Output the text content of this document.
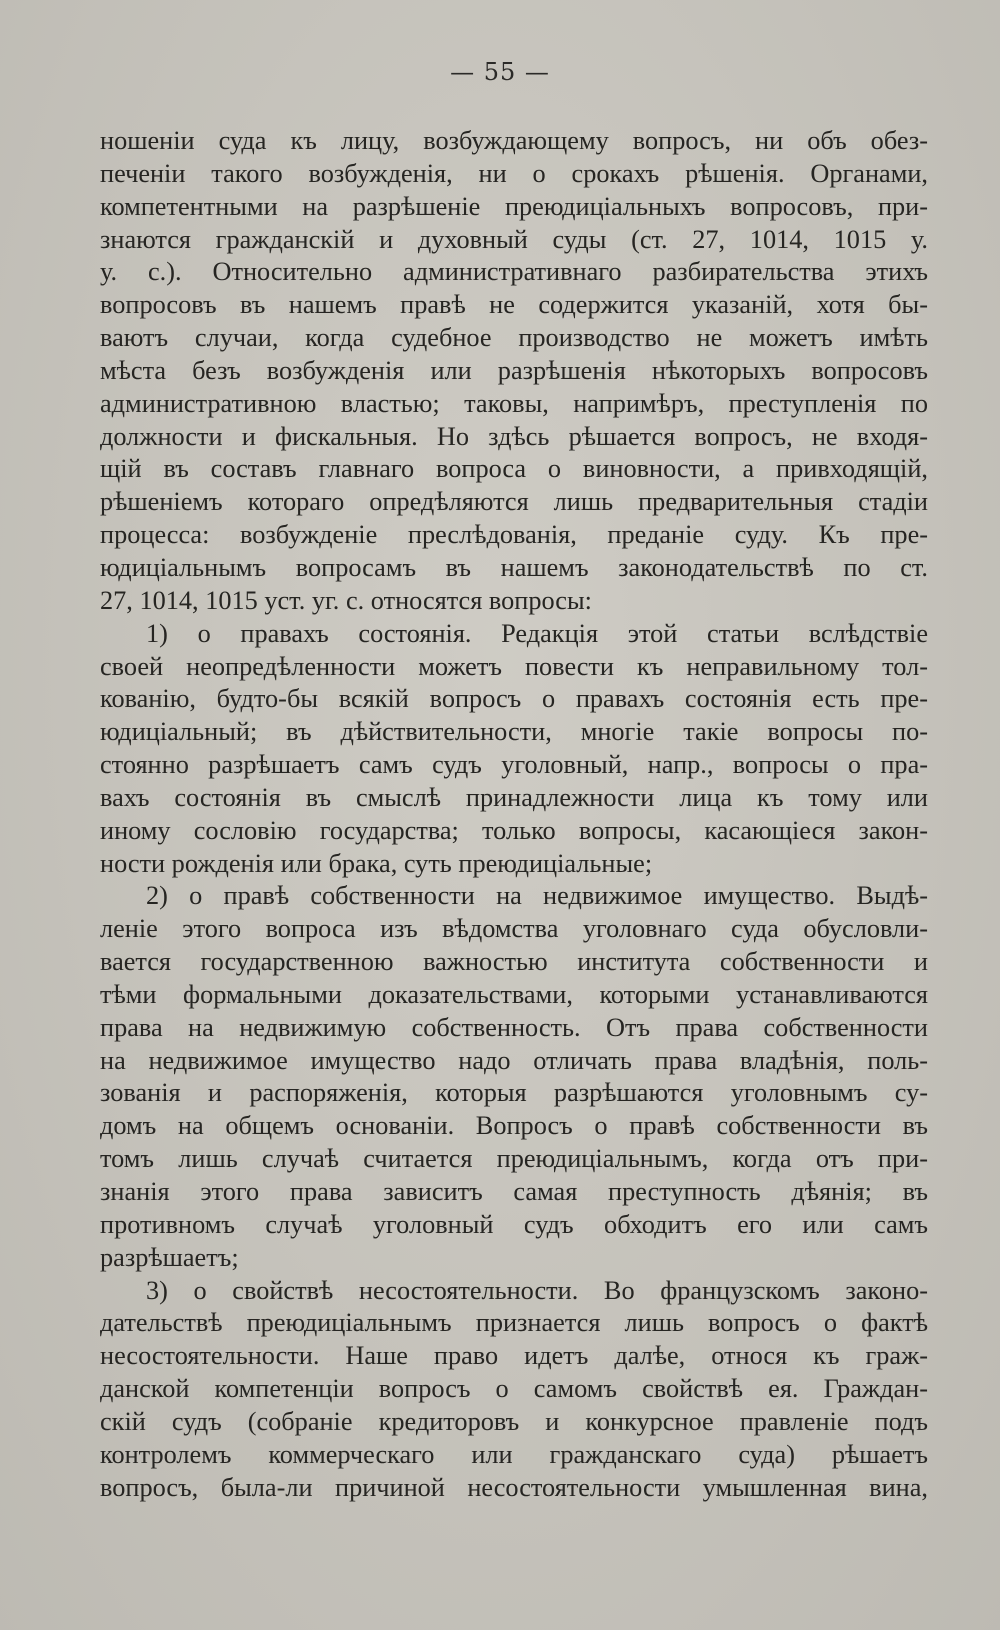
— 55 —
ношеніи суда къ лицу, возбуждающему вопросъ, ни объ обез-
печеніи такого возбужденія, ни о срокахъ рѣшенія. Органами,
компетентными на разрѣшеніе преюдиціальныхъ вопросовъ, при-
знаются гражданскій и духовный суды (ст. 27, 1014, 1015 у.
у. с.). Относительно административнаго разбирательства этихъ
вопросовъ въ нашемъ правѣ не содержится указаній, хотя бы-
ваютъ случаи, когда судебное производство не можетъ имѣть
мѣста безъ возбужденія или разрѣшенія нѣкоторыхъ вопросовъ
административною властью; таковы, напримѣръ, преступленія по
должности и фискальныя. Но здѣсь рѣшается вопросъ, не входя-
щій въ составъ главнаго вопроса о виновности, а привходящій,
рѣшеніемъ котораго опредѣляются лишь предварительныя стадіи
процесса: возбужденіе преслѣдованія, преданіе суду. Къ пре-
юдиціальнымъ вопросамъ въ нашемъ законодательствѣ по ст.
27, 1014, 1015 уст. уг. с. относятся вопросы:
1) о правахъ состоянія. Редакція этой статьи вслѣдствіе
своей неопредѣленности можетъ повести къ неправильному тол-
кованію, будто-бы всякій вопросъ о правахъ состоянія есть пре-
юдиціальный; въ дѣйствительности, многіе такіе вопросы по-
стоянно разрѣшаетъ самъ судъ уголовный, напр., вопросы о пра-
вахъ состоянія въ смыслѣ принадлежности лица къ тому или
иному сословію государства; только вопросы, касающіеся закон-
ности рожденія или брака, суть преюдиціальные;
2) о правѣ собственности на недвижимое имущество. Выдѣ-
леніе этого вопроса изъ вѣдомства уголовнаго суда обусловли-
вается государственною важностью института собственности и
тѣми формальными доказательствами, которыми устанавливаются
права на недвижимую собственность. Отъ права собственности
на недвижимое имущество надо отличать права владѣнія, поль-
зованія и распоряженія, которыя разрѣшаются уголовнымъ су-
домъ на общемъ основаніи. Вопросъ о правѣ собственности въ
томъ лишь случаѣ считается преюдиціальнымъ, когда отъ при-
знанія этого права зависитъ самая преступность дѣянія; въ
противномъ случаѣ уголовный судъ обходитъ его или самъ
разрѣшаетъ;
3) о свойствѣ несостоятельности. Во французскомъ законо-
дательствѣ преюдиціальнымъ признается лишь вопросъ о фактѣ
несостоятельности. Наше право идетъ далѣе, относя къ граж-
данской компетенціи вопросъ о самомъ свойствѣ ея. Граждан-
скій судъ (собраніе кредиторовъ и конкурсное правленіе подъ
контролемъ коммерческаго или гражданскаго суда) рѣшаетъ
вопросъ, была-ли причиной несостоятельности умышленная вина,
